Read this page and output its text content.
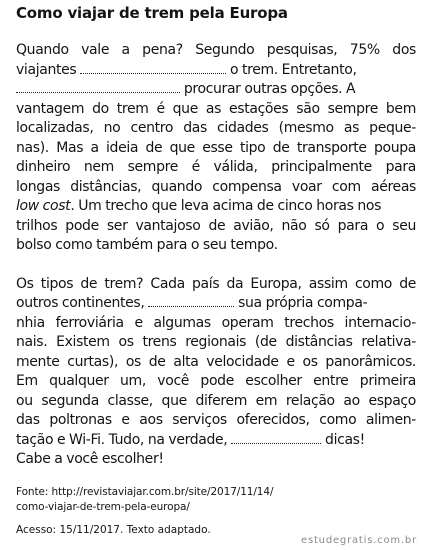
Como viajar de trem pela Europa
Quando vale a pena? Segundo pesquisas, 75% dos
viajantes	o trem. Entretanto,
procurar outras opções. A
vantagem do trem é que as estações são sempre bem
localizadas, no centro das cidades (mesmo as peque-
nas). Mas a ideia de que esse tipo de transporte poupa
dinheiro nem sempre é válida, principalmente para
longas distâncias, quando compensa voar com aéreas
low cost. Um trecho que leva acima de cinco horas nos
trilhos pode ser vantajoso de avião, não só para o seu
bolso como também para o seu tempo.
Os tipos de trem? Cada país da Europa, assim como de
outros continentes,	sua própria compa-
nhia ferroviária e algumas operam trechos internacio-
nais. Existem os trens regionais (de distâncias relativa-
mente curtas), os de alta velocidade e os panorâmicos.
Em qualquer um, você pode escolher entre primeira
ou segunda classe, que diferem em relação ao espaço
das poltronas e aos serviços oferecidos, como alimen-
tação e Wi-Fi. Tudo, na verdade,	dicas!
Cabe a você escolher!
Fonte: http://revistaviajar.com.br/site/2017/11/14/
como-viajar-de-trem-pela-europa/
Acesso: 15/11/2017. Texto adaptado.
estudegratis.com.br
